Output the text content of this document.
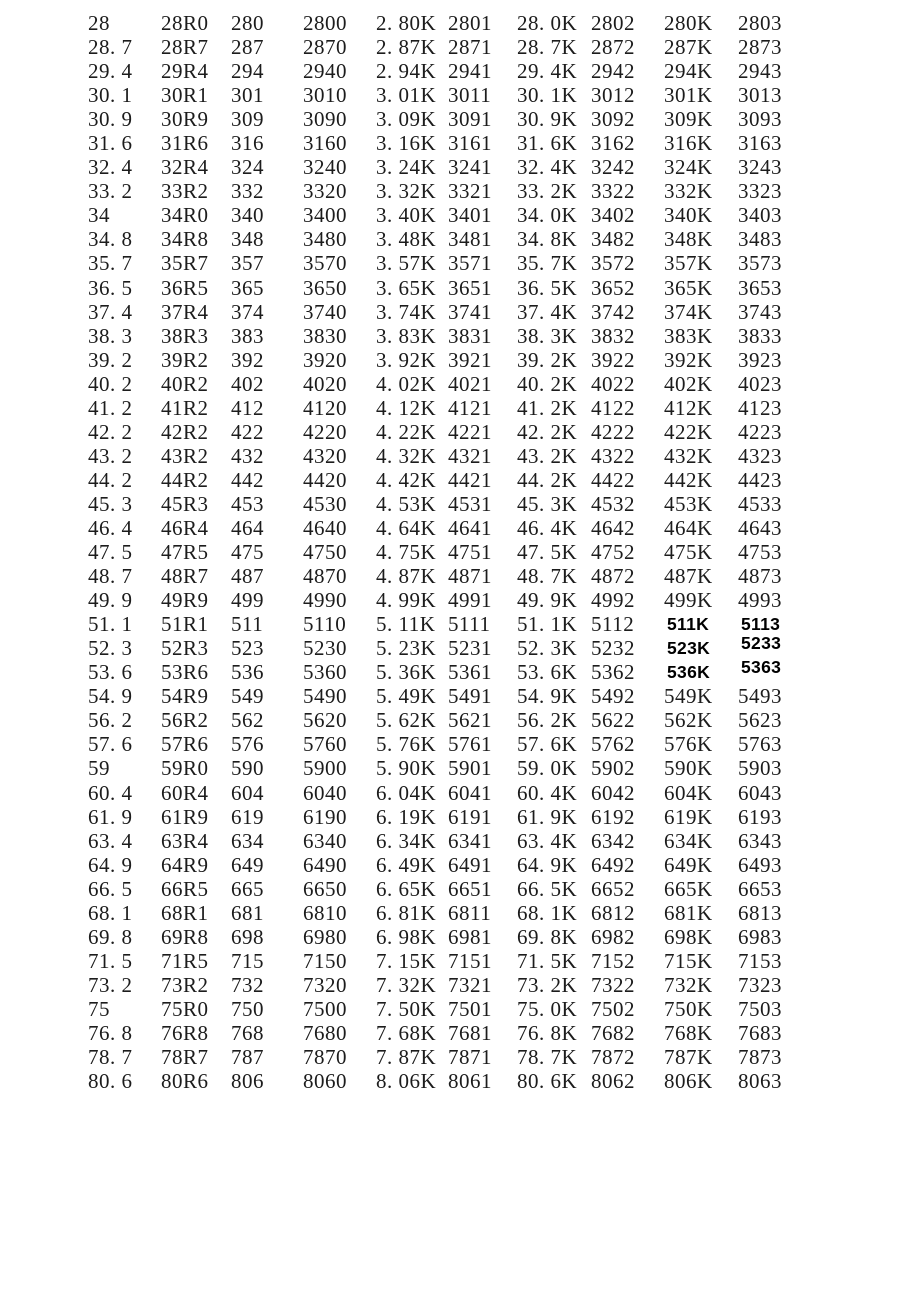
28 28R0 280 2800 2. 80K 2801 28. 0K 2802 280K 2803
28. 7 28R7 287 2870 2. 87K 2871 28. 7K 2872 287K 2873
29. 4 29R4 294 2940 2. 94K 2941 29. 4K 2942 294K 2943
30. 1 30R1 301 3010 3. 01K 3011 30. 1K 3012 301K 3013
30. 9 30R9 309 3090 3. 09K 3091 30. 9K 3092 309K 3093
31. 6 31R6 316 3160 3. 16K 3161 31. 6K 3162 316K 3163
32. 4 32R4 324 3240 3. 24K 3241 32. 4K 3242 324K 3243
33. 2 33R2 332 3320 3. 32K 3321 33. 2K 3322 332K 3323
34 34R0 340 3400 3. 40K 3401 34. 0K 3402 340K 3403
34. 8 34R8 348 3480 3. 48K 3481 34. 8K 3482 348K 3483
35. 7 35R7 357 3570 3. 57K 3571 35. 7K 3572 357K 3573
36. 5 36R5 365 3650 3. 65K 3651 36. 5K 3652 365K 3653
37. 4 37R4 374 3740 3. 74K 3741 37. 4K 3742 374K 3743
38. 3 38R3 383 3830 3. 83K 3831 38. 3K 3832 383K 3833
39. 2 39R2 392 3920 3. 92K 3921 39. 2K 3922 392K 3923
40. 2 40R2 402 4020 4. 02K 4021 40. 2K 4022 402K 4023
41. 2 41R2 412 4120 4. 12K 4121 41. 2K 4122 412K 4123
42. 2 42R2 422 4220 4. 22K 4221 42. 2K 4222 422K 4223
43. 2 43R2 432 4320 4. 32K 4321 43. 2K 4322 432K 4323
44. 2 44R2 442 4420 4. 42K 4421 44. 2K 4422 442K 4423
45. 3 45R3 453 4530 4. 53K 4531 45. 3K 4532 453K 4533
46. 4 46R4 464 4640 4. 64K 4641 46. 4K 4642 464K 4643
47. 5 47R5 475 4750 4. 75K 4751 47. 5K 4752 475K 4753
48. 7 48R7 487 4870 4. 87K 4871 48. 7K 4872 487K 4873
49. 9 49R9 499 4990 4. 99K 4991 49. 9K 4992 499K 4993
51. 1 51R1 511 5110 5. 11K 5111 51. 1K 5112 511K 5113
52. 3 52R3 523 5230 5. 23K 5231 52. 3K 5232 523K 5233
53. 6 53R6 536 5360 5. 36K 5361 53. 6K 5362 536K 5363
54. 9 54R9 549 5490 5. 49K 5491 54. 9K 5492 549K 5493
56. 2 56R2 562 5620 5. 62K 5621 56. 2K 5622 562K 5623
57. 6 57R6 576 5760 5. 76K 5761 57. 6K 5762 576K 5763
59 59R0 590 5900 5. 90K 5901 59. 0K 5902 590K 5903
60. 4 60R4 604 6040 6. 04K 6041 60. 4K 6042 604K 6043
61. 9 61R9 619 6190 6. 19K 6191 61. 9K 6192 619K 6193
63. 4 63R4 634 6340 6. 34K 6341 63. 4K 6342 634K 6343
64. 9 64R9 649 6490 6. 49K 6491 64. 9K 6492 649K 6493
66. 5 66R5 665 6650 6. 65K 6651 66. 5K 6652 665K 6653
68. 1 68R1 681 6810 6. 81K 6811 68. 1K 6812 681K 6813
69. 8 69R8 698 6980 6. 98K 6981 69. 8K 6982 698K 6983
71. 5 71R5 715 7150 7. 15K 7151 71. 5K 7152 715K 7153
73. 2 73R2 732 7320 7. 32K 7321 73. 2K 7322 732K 7323
75 75R0 750 7500 7. 50K 7501 75. 0K 7502 750K 7503
76. 8 76R8 768 7680 7. 68K 7681 76. 8K 7682 768K 7683
78. 7 78R7 787 7870 7. 87K 7871 78. 7K 7872 787K 7873
80. 6 80R6 806 8060 8. 06K 8061 80. 6K 8062 806K 8063
